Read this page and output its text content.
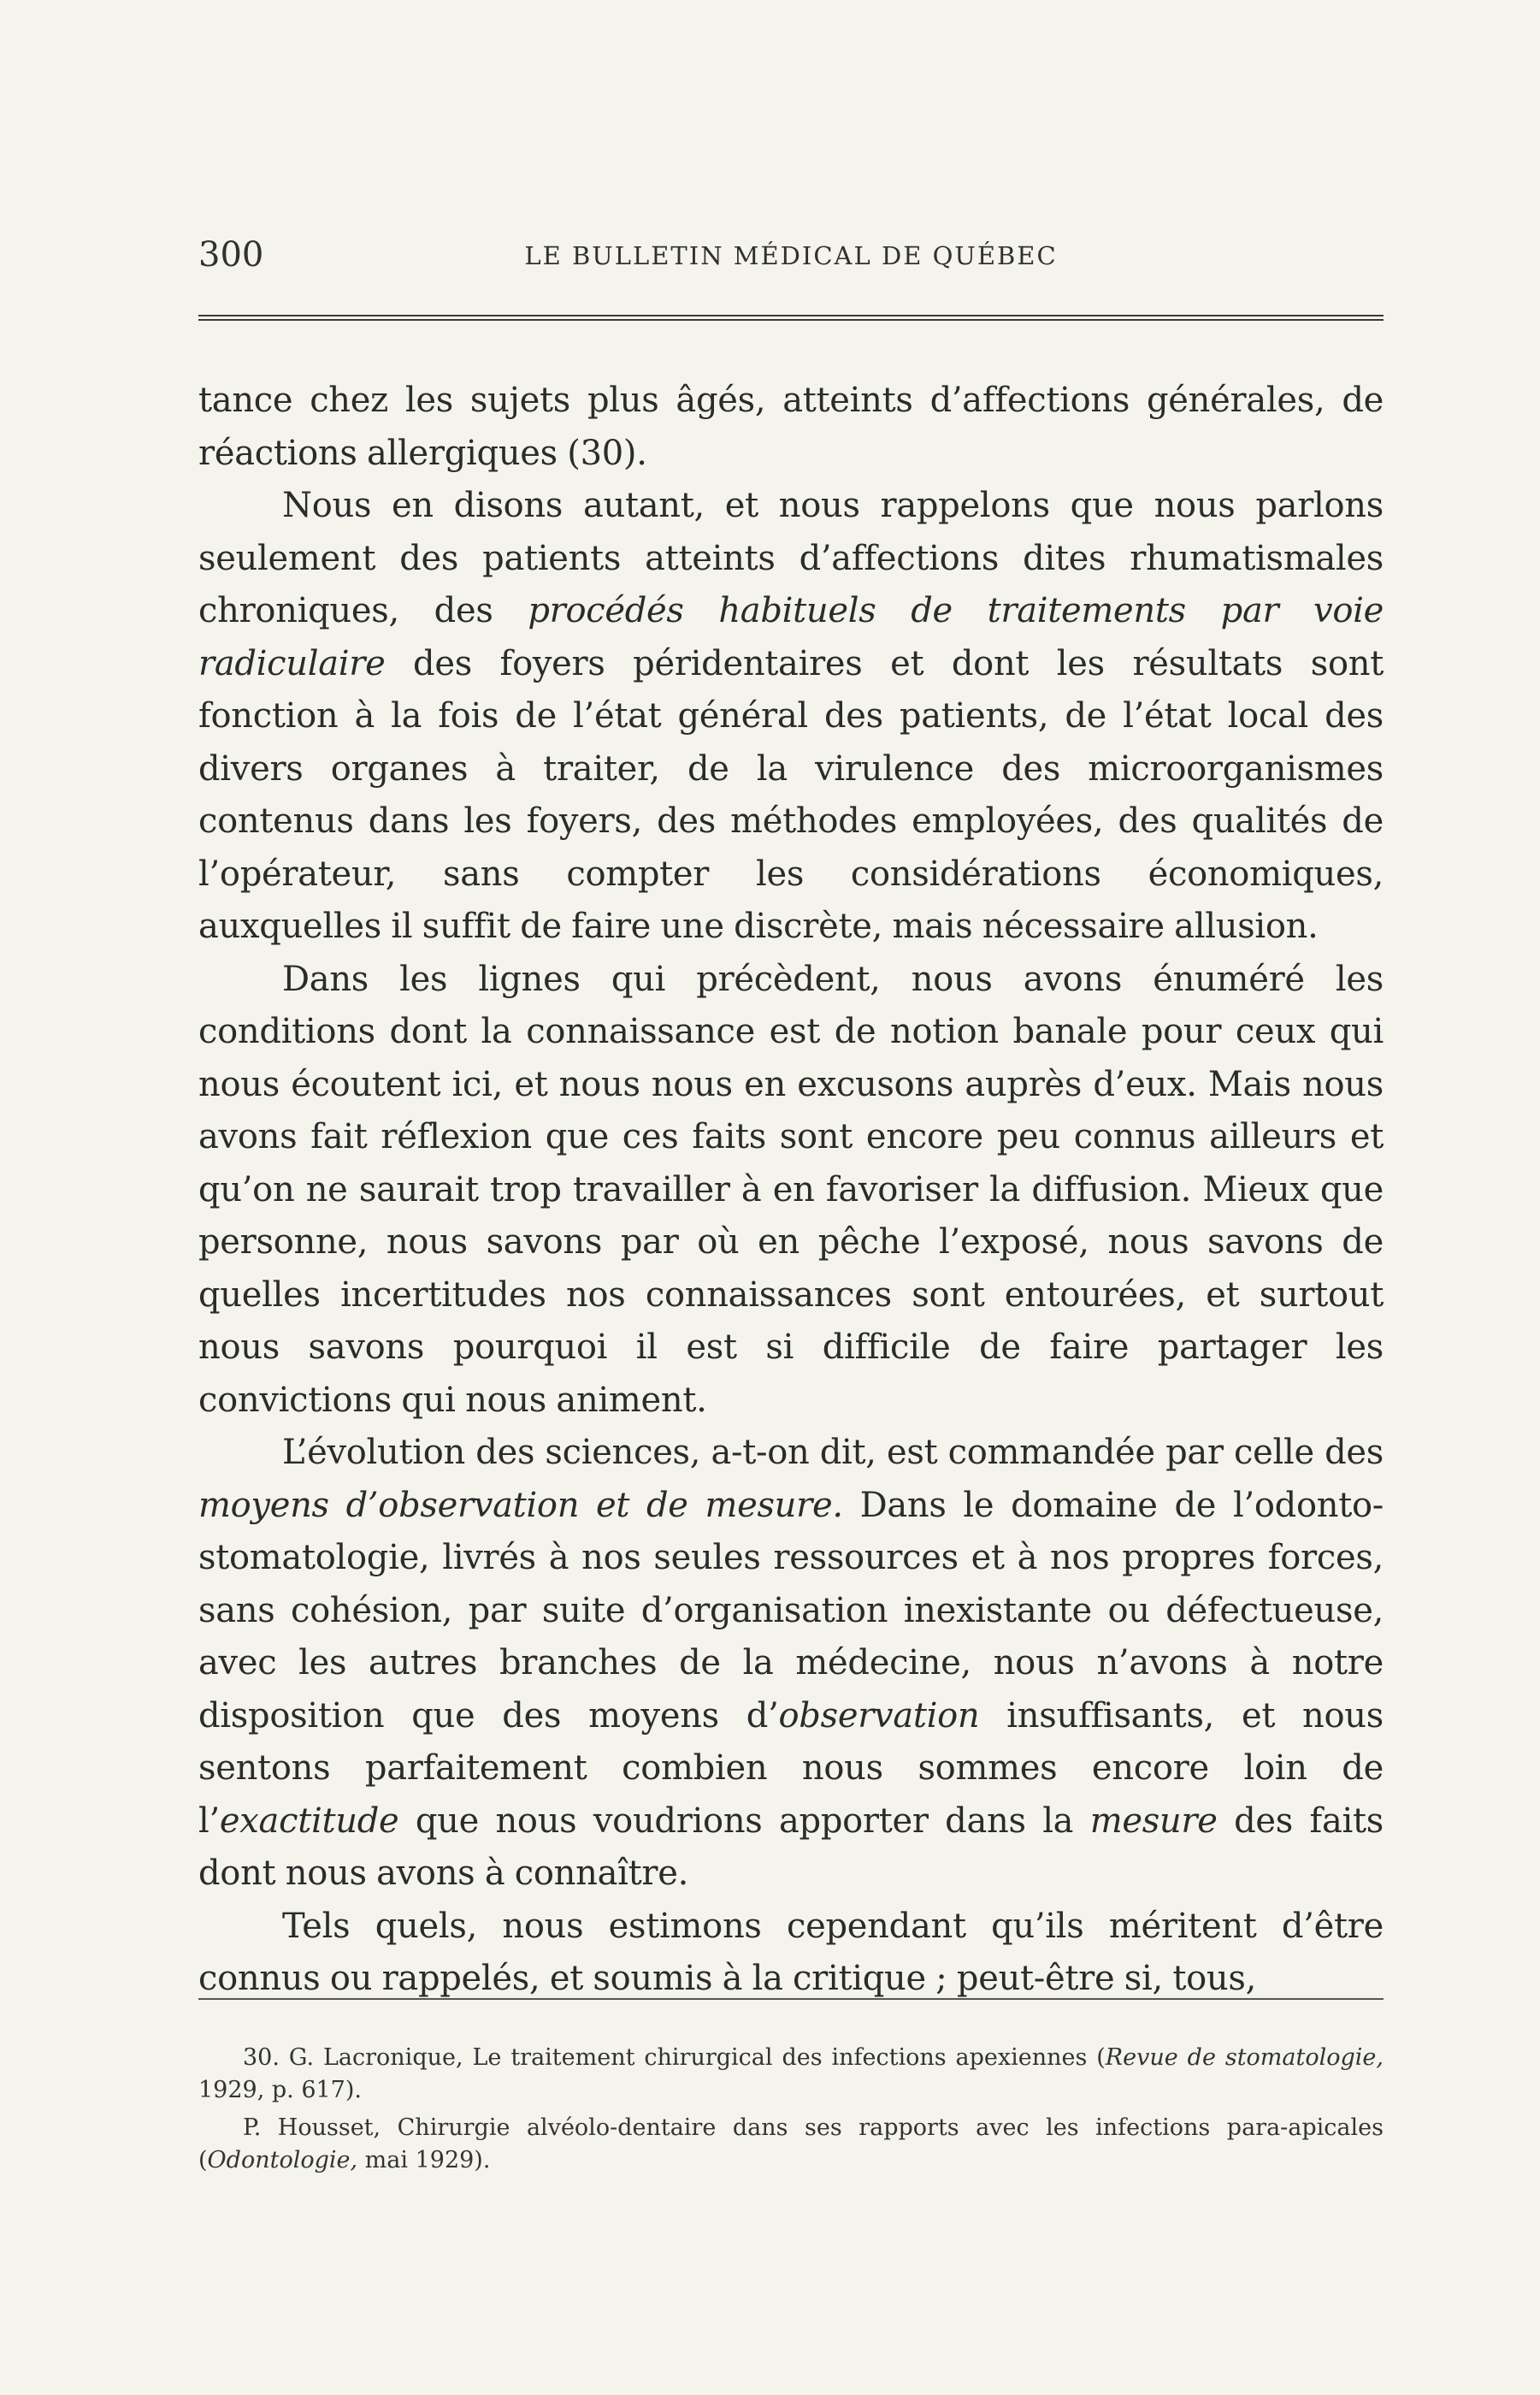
300	LE BULLETIN MÉDICAL DE QUÉBEC

tance chez les sujets plus âgés, atteints d’affections générales, de réactions allergiques (30).

Nous en disons autant, et nous rappelons que nous parlons seulement des patients atteints d’affections dites rhumatismales chroniques, des procédés habituels de traitements par voie radiculaire des foyers péridentaires et dont les résultats sont fonction à la fois de l’état général des patients, de l’état local des divers organes à traiter, de la virulence des microorganismes contenus dans les foyers, des méthodes employées, des qualités de l’opérateur, sans compter les considérations économiques, auxquelles il suffit de faire une discrète, mais nécessaire allusion.

Dans les lignes qui précèdent, nous avons énuméré les conditions dont la connaissance est de notion banale pour ceux qui nous écoutent ici, et nous nous en excusons auprès d’eux. Mais nous avons fait réflexion que ces faits sont encore peu connus ailleurs et qu’on ne saurait trop travailler à en favoriser la diffusion. Mieux que personne, nous savons par où en pêche l’exposé, nous savons de quelles incertitudes nos connaissances sont entourées, et surtout nous savons pourquoi il est si difficile de faire partager les convictions qui nous animent.

L’évolution des sciences, a-t-on dit, est commandée par celle des moyens d’observation et de mesure. Dans le domaine de l’odonto-stomatologie, livrés à nos seules ressources et à nos propres forces, sans cohésion, par suite d’organisation inexistante ou défectueuse, avec les autres branches de la médecine, nous n’avons à notre disposition que des moyens d’observation insuffisants, et nous sentons parfaitement combien nous sommes encore loin de l’exactitude que nous voudrions apporter dans la mesure des faits dont nous avons à connaître.

Tels quels, nous estimons cependant qu’ils méritent d’être connus ou rappelés, et soumis à la critique ; peut-être si, tous,

30. G. Lacronique, Le traitement chirurgical des infections apexiennes (Revue de stomatologie, 1929, p. 617).

P. Housset, Chirurgie alvéolo-dentaire dans ses rapports avec les infections para-apicales (Odontologie, mai 1929).
